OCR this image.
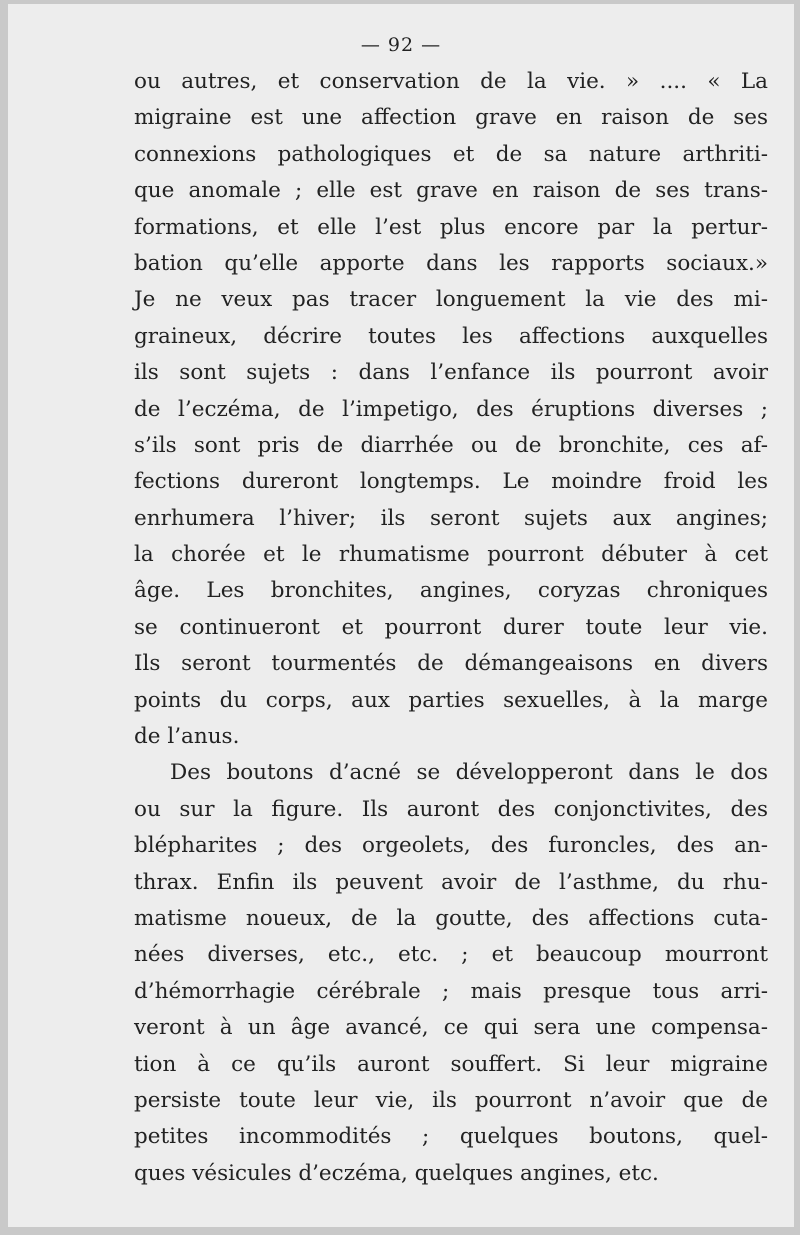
— 92 —
ou autres, et conservation de la vie. » .... « La
migraine est une affection grave en raison de ses
connexions pathologiques et de sa nature arthriti-
que anomale ; elle est grave en raison de ses trans-
formations, et elle l’est plus encore par la pertur-
bation qu’elle apporte dans les rapports sociaux.»
Je ne veux pas tracer longuement la vie des mi-
graineux, décrire toutes les affections auxquelles
ils sont sujets : dans l’enfance ils pourront avoir
de l’eczéma, de l’impetigo, des éruptions diverses ;
s’ils sont pris de diarrhée ou de bronchite, ces af-
fections dureront longtemps. Le moindre froid les
enrhumera l’hiver; ils seront sujets aux angines;
la chorée et le rhumatisme pourront débuter à cet
âge. Les bronchites, angines, coryzas chroniques
se continueront et pourront durer toute leur vie.
Ils seront tourmentés de démangeaisons en divers
points du corps, aux parties sexuelles, à la marge
de l’anus.
Des boutons d’acné se développeront dans le dos
ou sur la figure. Ils auront des conjonctivites, des
blépharites ; des orgeolets, des furoncles, des an-
thrax. Enfin ils peuvent avoir de l’asthme, du rhu-
matisme noueux, de la goutte, des affections cuta-
nées diverses, etc., etc. ; et beaucoup mourront
d’hémorrhagie cérébrale ; mais presque tous arri-
veront à un âge avancé, ce qui sera une compensa-
tion à ce qu’ils auront souffert. Si leur migraine
persiste toute leur vie, ils pourront n’avoir que de
petites incommodités ; quelques boutons, quel-
ques vésicules d’eczéma, quelques angines, etc.
